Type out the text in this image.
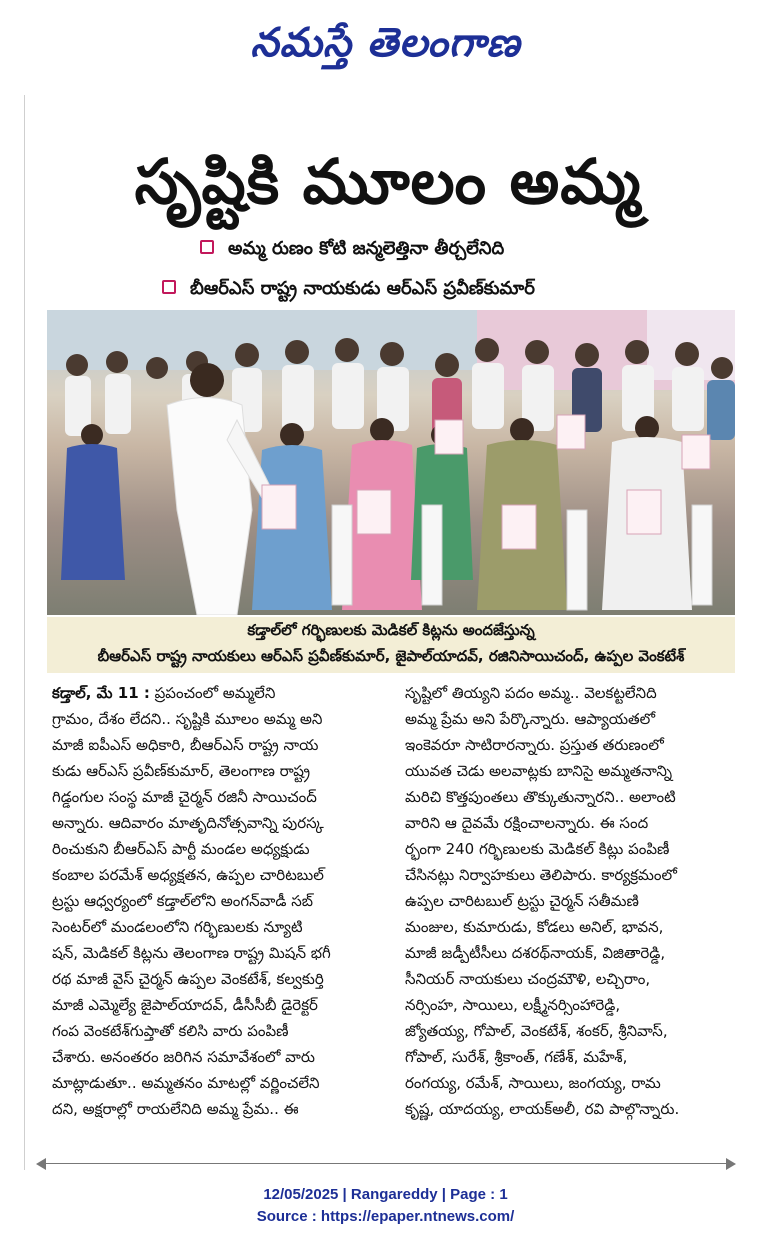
నమస్తే తెలంగాణ
సృష్టికి మూలం అమ్మ
అమ్మ రుణం కోటి జన్మలెత్తినా తీర్చలేనిది
బీఆర్ఎస్ రాష్ట్ర నాయకుడు ఆర్ఎస్ ప్రవీణ్‌కుమార్
కడ్తాల్‌లో గర్భిణులకు మెడికల్ కిట్లను అందజేస్తున్న
బీఆర్ఎస్ రాష్ట్ర నాయకులు ఆర్ఎస్ ప్రవీణ్‌కుమార్, జైపాల్‌యాదవ్, రజినిసాయిచంద్, ఉప్పల వెంకటేశ్
కడ్తాల్, మే 11 : ప్రపంచంలో అమ్మలేని
గ్రామం, దేశం లేదని.. సృష్టికి మూలం అమ్మ అని
మాజీ ఐపీఎస్ అధికారి, బీఆర్ఎస్ రాష్ట్ర నాయ
కుడు ఆర్ఎస్ ప్రవీణ్‌కుమార్, తెలంగాణ రాష్ట్ర
గిడ్డంగుల సంస్థ మాజీ చైర్మన్ రజినీ సాయిచంద్
అన్నారు. ఆదివారం మాతృదినోత్సవాన్ని పురస్క
రించుకుని బీఆర్ఎస్ పార్టీ మండల అధ్యక్షుడు
కంబాల పరమేశ్ అధ్యక్షతన, ఉప్పల చారిటబుల్
ట్రస్టు ఆధ్వర్యంలో కడ్తాల్‌లోని అంగన్‌వాడీ సబ్
సెంటర్‌లో మండలంలోని గర్భిణులకు న్యూటి
షన్, మెడికల్ కిట్లను తెలంగాణ రాష్ట్ర మిషన్ భగీ
రథ మాజీ వైస్ చైర్మన్ ఉప్పల వెంకటేశ్, కల్వకుర్తి
మాజీ ఎమ్మెల్యే జైపాల్‌యాదవ్, డీసీసీబీ డైరెక్టర్
గంప వెంకటేశ్‌గుప్తాతో కలిసి వారు పంపిణీ
చేశారు. అనంతరం జరిగిన సమావేశంలో వారు
మాట్లాడుతూ.. అమ్మతనం మాటల్లో వర్ణించలేని
దని, అక్షరాల్లో రాయలేనిది అమ్మ ప్రేమ.. ఈ
సృష్టిలో తియ్యని పదం అమ్మ.. వెలకట్టలేనిది
అమ్మ ప్రేమ అని పేర్కొన్నారు. ఆప్యాయతలో
ఇంకెవరూ సాటిరారన్నారు. ప్రస్తుత తరుణంలో
యువత చెడు అలవాట్లకు బానిసై అమ్మతనాన్ని
మరిచి కొత్తపుంతలు తొక్కుతున్నారని.. అలాంటి
వారిని ఆ దైవమే రక్షించాలన్నారు. ఈ సంద
ర్భంగా 240 గర్భిణులకు మెడికల్ కిట్లు పంపిణీ
చేసినట్లు నిర్వాహకులు తెలిపారు. కార్యక్రమంలో
ఉప్పల చారిటబుల్ ట్రస్టు చైర్మన్ సతీమణి
మంజుల, కుమారుడు, కోడలు అనిల్, భావన,
మాజీ జడ్పీటీసీలు దశరథ్‌నాయక్, విజితారెడ్డి,
సీనియర్ నాయకులు చంద్రమౌళి, లచ్చిరాం,
నర్సింహ, సాయిలు, లక్ష్మీనర్సింహారెడ్డి,
జ్యోతయ్య, గోపాల్, వెంకటేశ్, శంకర్, శ్రీనివాస్,
గోపాల్, సురేశ్, శ్రీకాంత్, గణేశ్, మహేశ్,
రంగయ్య, రమేశ్, సాయిలు, జంగయ్య, రామ
కృష్ణ, యాదయ్య, లాయక్‌అలీ, రవి పాల్గొన్నారు.
12/05/2025 | Rangareddy | Page : 1
Source : https://epaper.ntnews.com/
